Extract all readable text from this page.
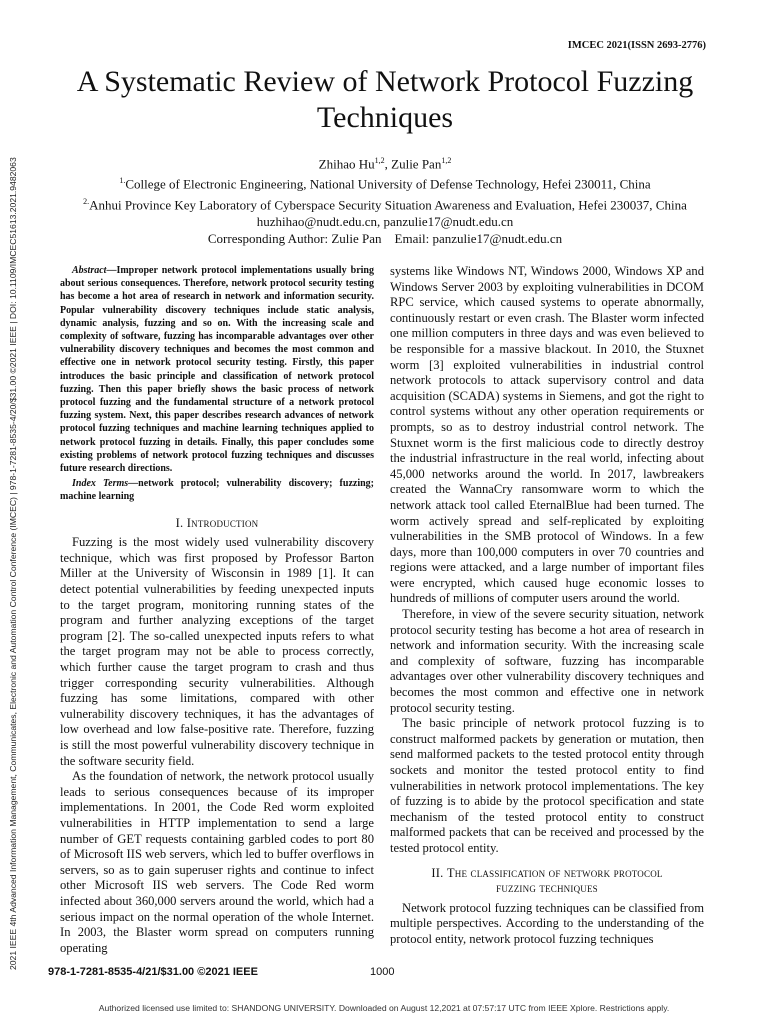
2021 IEEE 4th Advanced Information Management, Communicates, Electronic and Automation Control Conference (IMCEC) | 978-1-7281-8535-4/20/$31.00 ©2021 IEEE | DOI: 10.1109/IMCEC51613.2021.9482063
IMCEC 2021(ISSN 2693-2776)
A Systematic Review of Network Protocol Fuzzing Techniques
Zhihao Hu$^{1,2}$, Zulie Pan$^{1,2}$
$^{1.}$College of Electronic Engineering, National University of Defense Technology, Hefei 230011, China
$^{2.}$Anhui Province Key Laboratory of Cyberspace Security Situation Awareness and Evaluation, Hefei 230037, China
huzhihao@nudt.edu.cn, panzulie17@nudt.edu.cn
Corresponding Author: Zulie Pan    Email: panzulie17@nudt.edu.cn

Abstract—Improper network protocol implementations usually bring about serious consequences. Therefore, network protocol security testing has become a hot area of research in network and information security. Popular vulnerability discovery techniques include static analysis, dynamic analysis, fuzzing and so on. With the increasing scale and complexity of software, fuzzing has incomparable advantages over other vulnerability discovery techniques and becomes the most common and effective one in network protocol security testing. Firstly, this paper introduces the basic principle and classification of network protocol fuzzing. Then this paper briefly shows the basic process of network protocol fuzzing and the fundamental structure of a network protocol fuzzing system. Next, this paper describes research advances of network protocol fuzzing techniques and machine learning techniques applied to network protocol fuzzing in details. Finally, this paper concludes some existing problems of network protocol fuzzing techniques and discusses future research directions.

Index Terms—network protocol; vulnerability discovery; fuzzing; machine learning

I. Introduction

Fuzzing is the most widely used vulnerability discovery technique, which was first proposed by Professor Barton Miller at the University of Wisconsin in 1989 [1]. It can detect potential vulnerabilities by feeding unexpected inputs to the target program, monitoring running states of the program and further analyzing exceptions of the target program [2]. The so-called unexpected inputs refers to what the target program may not be able to process correctly, which further cause the target program to crash and thus trigger corresponding security vulnerabilities. Although fuzzing has some limitations, compared with other vulnerability discovery techniques, it has the advantages of low overhead and low false-positive rate. Therefore, fuzzing is still the most powerful vulnerability discovery technique in the software security field.

As the foundation of network, the network protocol usually leads to serious consequences because of its improper implementations. In 2001, the Code Red worm exploited vulnerabilities in HTTP implementation to send a large number of GET requests containing garbled codes to port 80 of Microsoft IIS web servers, which led to buffer overflows in servers, so as to gain superuser rights and continue to infect other Microsoft IIS web servers. The Code Red worm infected about 360,000 servers around the world, which had a serious impact on the normal operation of the whole Internet. In 2003, the Blaster worm spread on computers running operating

systems like Windows NT, Windows 2000, Windows XP and Windows Server 2003 by exploiting vulnerabilities in DCOM RPC service, which caused systems to operate abnormally, continuously restart or even crash. The Blaster worm infected one million computers in three days and was even believed to be responsible for a massive blackout. In 2010, the Stuxnet worm [3] exploited vulnerabilities in industrial control network protocols to attack supervisory control and data acquisition (SCADA) systems in Siemens, and got the right to control systems without any other operation requirements or prompts, so as to destroy industrial control network. The Stuxnet worm is the first malicious code to directly destroy the industrial infrastructure in the real world, infecting about 45,000 networks around the world. In 2017, lawbreakers created the WannaCry ransomware worm to which the network attack tool called EternalBlue had been turned. The worm actively spread and self-replicated by exploiting vulnerabilities in the SMB protocol of Windows. In a few days, more than 100,000 computers in over 70 countries and regions were attacked, and a large number of important files were encrypted, which caused huge economic losses to hundreds of millions of computer users around the world.

Therefore, in view of the severe security situation, network protocol security testing has become a hot area of research in network and information security. With the increasing scale and complexity of software, fuzzing has incomparable advantages over other vulnerability discovery techniques and becomes the most common and effective one in network protocol security testing.

The basic principle of network protocol fuzzing is to construct malformed packets by generation or mutation, then send malformed packets to the tested protocol entity through sockets and monitor the tested protocol entity to find vulnerabilities in network protocol implementations. The key of fuzzing is to abide by the protocol specification and state mechanism of the tested protocol entity to construct malformed packets that can be received and processed by the tested protocol entity.

II. The classification of network protocol
fuzzing techniques

Network protocol fuzzing techniques can be classified from multiple perspectives. According to the understanding of the protocol entity, network protocol fuzzing techniques

978-1-7281-8535-4/21/$31.00 ©2021 IEEE	1000
Authorized licensed use limited to: SHANDONG UNIVERSITY. Downloaded on August 12,2021 at 07:57:17 UTC from IEEE Xplore. Restrictions apply.
